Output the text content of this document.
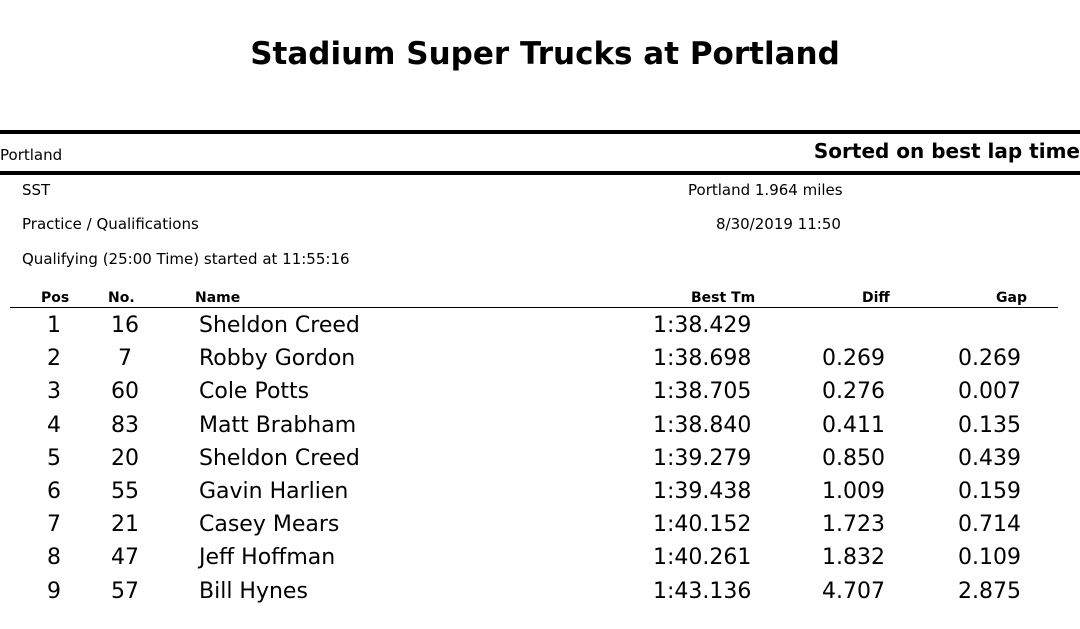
Stadium Super Trucks at Portland
Portland	Sorted on best lap time
SST
Practice / Qualifications
Qualifying (25:00 Time) started at 11:55:16
Portland 1.964 miles
8/30/2019 11:50
Pos	No.	Name	Best Tm	Diff	Gap
1	16	Sheldon Creed	1:38.429
2	7	Robby Gordon	1:38.698	0.269	0.269
3	60	Cole Potts	1:38.705	0.276	0.007
4	83	Matt Brabham	1:38.840	0.411	0.135
5	20	Sheldon Creed	1:39.279	0.850	0.439
6	55	Gavin Harlien	1:39.438	1.009	0.159
7	21	Casey Mears	1:40.152	1.723	0.714
8	47	Jeff Hoffman	1:40.261	1.832	0.109
9	57	Bill Hynes	1:43.136	4.707	2.875
